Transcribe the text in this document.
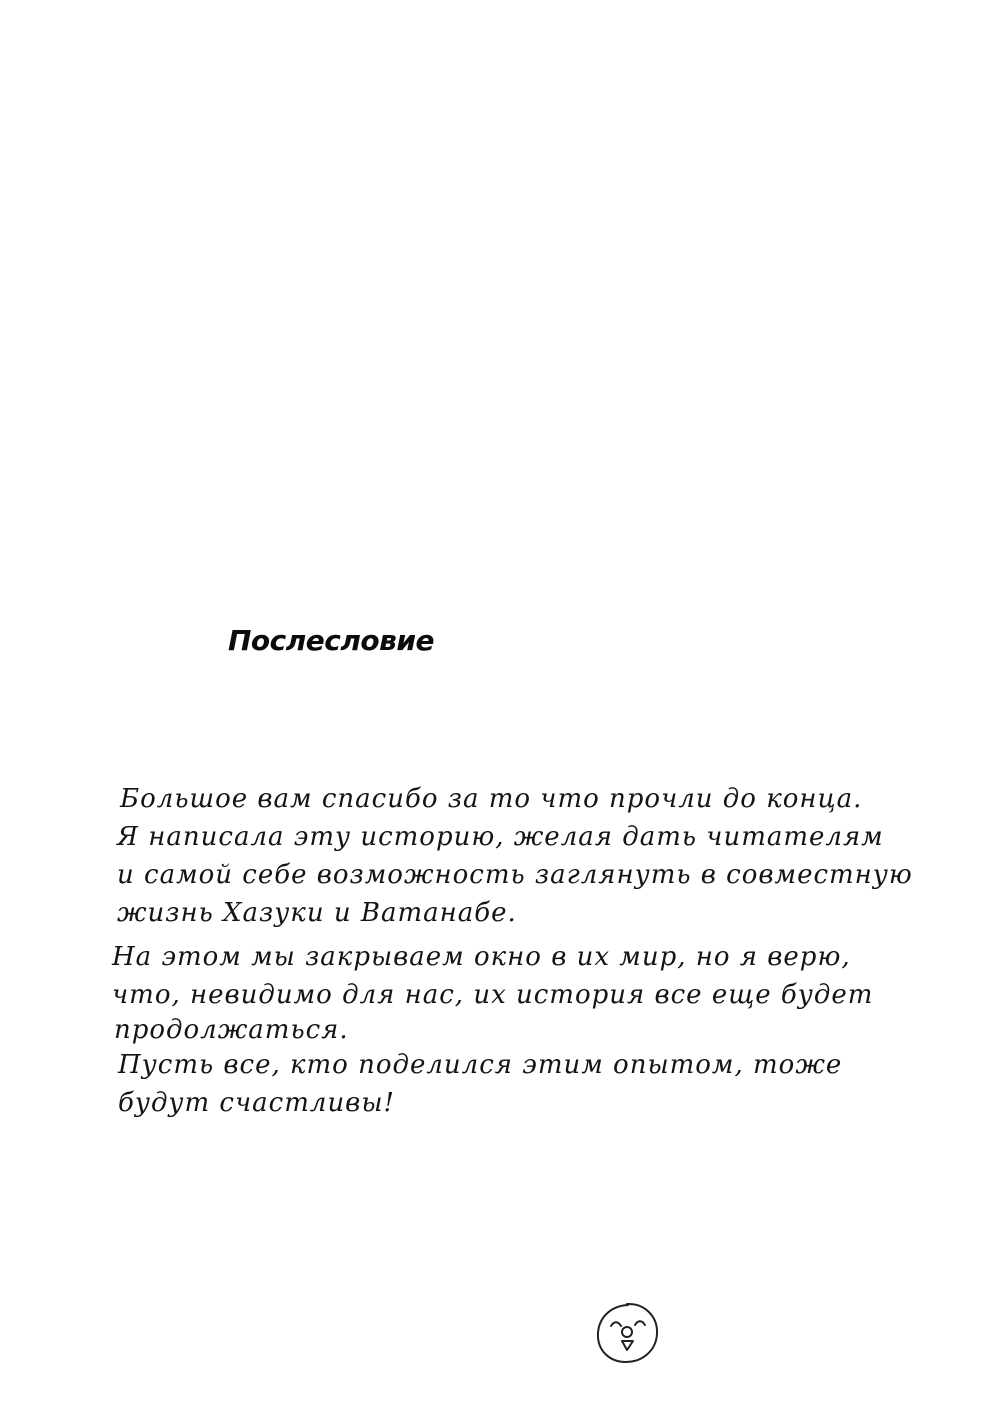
Послесловие
Большое вам спасибо за то что прочли до конца.
Я написала эту историю, желая дать читателям
и самой себе возможность заглянуть в совместную
жизнь Хазуки и Ватанабе.
На этом мы закрываем окно в их мир, но я верю,
что, невидимо для нас, их история все еще будет
продолжаться.
Пусть все, кто поделился этим опытом, тоже
будут счастливы!
